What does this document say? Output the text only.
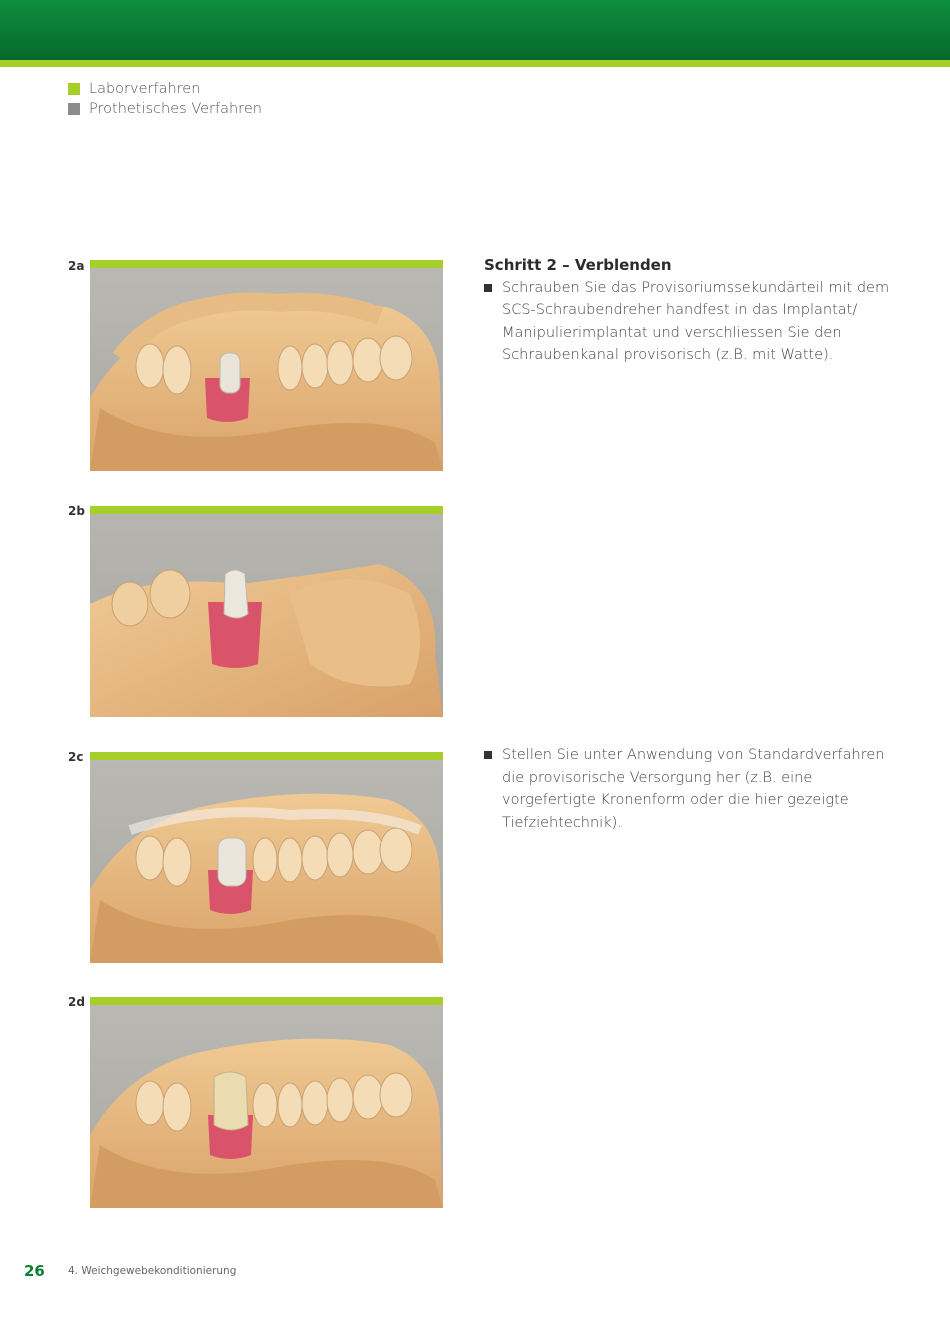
Laborverfahren
Prothetisches Verfahren
2a
2b
2c
2d
Schritt 2 – Verblenden
Schrauben Sie das Provisoriumssekundärteil mit dem SCS-Schraubendreher handfest in das Implantat/ Manipulierimplantat und verschliessen Sie den Schraubenkanal provisorisch (z.B. mit Watte).
Stellen Sie unter Anwendung von Standardverfahren die provisorische Versorgung her (z.B. eine vorgefertigte Kronenform oder die hier gezeigte Tiefziehtechnik).
26 4. Weichgewebekonditionierung
